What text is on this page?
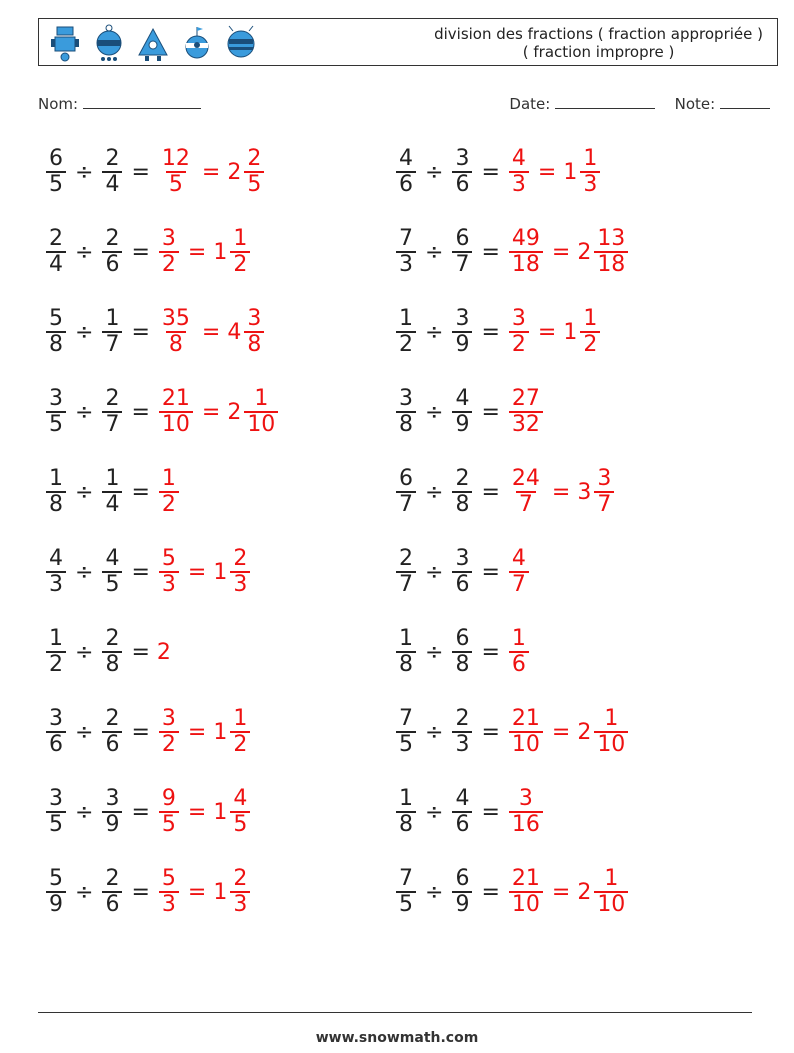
division des fractions ( fraction appropriée )
( fraction impropre )
Nom:	Date:	Note:
$\frac{6}{5} \div \frac{2}{4} = \frac{12}{5} = 2 \frac{2}{5}$	$\frac{4}{6} \div \frac{3}{6} = \frac{4}{3} = 1 \frac{1}{3}$
$\frac{2}{4} \div \frac{2}{6} = \frac{3}{2} = 1 \frac{1}{2}$	$\frac{7}{3} \div \frac{6}{7} = \frac{49}{18} = 2 \frac{13}{18}$
$\frac{5}{8} \div \frac{1}{7} = \frac{35}{8} = 4 \frac{3}{8}$	$\frac{1}{2} \div \frac{3}{9} = \frac{3}{2} = 1 \frac{1}{2}$
$\frac{3}{5} \div \frac{2}{7} = \frac{21}{10} = 2 \frac{1}{10}$	$\frac{3}{8} \div \frac{4}{9} = \frac{27}{32}$
$\frac{1}{8} \div \frac{1}{4} = \frac{1}{2}$	$\frac{6}{7} \div \frac{2}{8} = \frac{24}{7} = 3 \frac{3}{7}$
$\frac{4}{3} \div \frac{4}{5} = \frac{5}{3} = 1 \frac{2}{3}$	$\frac{2}{7} \div \frac{3}{6} = \frac{4}{7}$
$\frac{1}{2} \div \frac{2}{8} = 2$	$\frac{1}{8} \div \frac{6}{8} = \frac{1}{6}$
$\frac{3}{6} \div \frac{2}{6} = \frac{3}{2} = 1 \frac{1}{2}$	$\frac{7}{5} \div \frac{2}{3} = \frac{21}{10} = 2 \frac{1}{10}$
$\frac{3}{5} \div \frac{3}{9} = \frac{9}{5} = 1 \frac{4}{5}$	$\frac{1}{8} \div \frac{4}{6} = \frac{3}{16}$
$\frac{5}{9} \div \frac{2}{6} = \frac{5}{3} = 1 \frac{2}{3}$	$\frac{7}{5} \div \frac{6}{9} = \frac{21}{10} = 2 \frac{1}{10}$
www.snowmath.com
